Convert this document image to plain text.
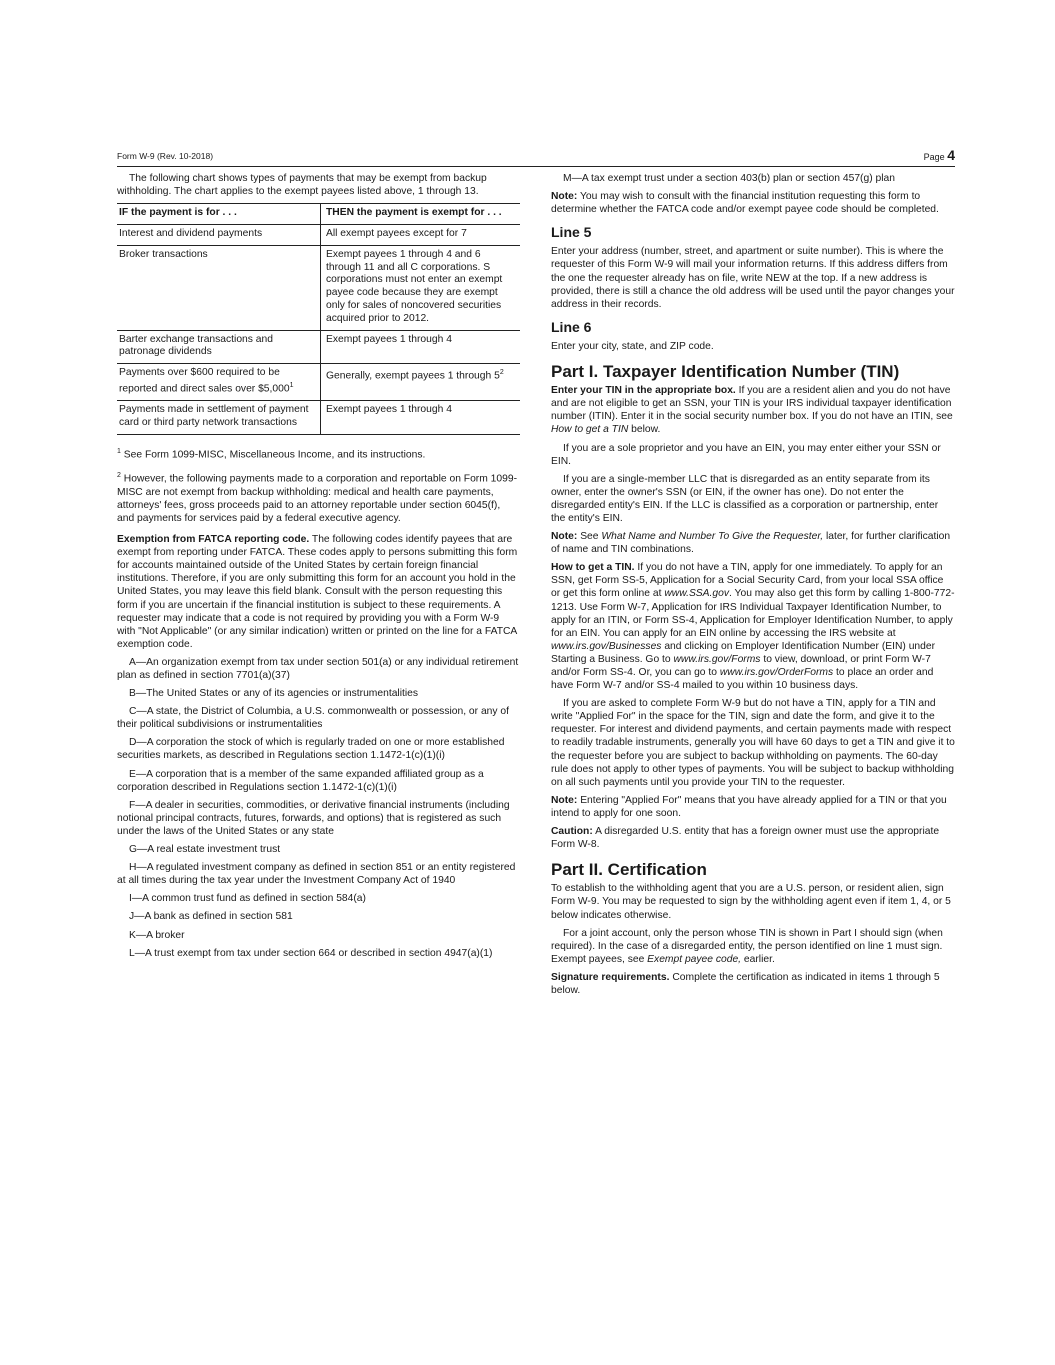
Form W-9 (Rev. 10-2018)	Page 4

The following chart shows types of payments that may be exempt from backup withholding. The chart applies to the exempt payees listed above, 1 through 13.

IF the payment is for . . .	THEN the payment is exempt for . . .
Interest and dividend payments	All exempt payees except for 7
Broker transactions	Exempt payees 1 through 4 and 6 through 11 and all C corporations. S corporations must not enter an exempt payee code because they are exempt only for sales of noncovered securities acquired prior to 2012.
Barter exchange transactions and patronage dividends	Exempt payees 1 through 4
Payments over $600 required to be reported and direct sales over $5,000$^1$	Generally, exempt payees 1 through $5^2$
Payments made in settlement of payment card or third party network transactions	Exempt payees 1 through 4

$^1$ See Form 1099-MISC, Miscellaneous Income, and its instructions.

$^2$ However, the following payments made to a corporation and reportable on Form 1099-MISC are not exempt from backup withholding: medical and health care payments, attorneys' fees, gross proceeds paid to an attorney reportable under section 6045(f), and payments for services paid by a federal executive agency.

Exemption from FATCA reporting code. The following codes identify payees that are exempt from reporting under FATCA. These codes apply to persons submitting this form for accounts maintained outside of the United States by certain foreign financial institutions. Therefore, if you are only submitting this form for an account you hold in the United States, you may leave this field blank. Consult with the person requesting this form if you are uncertain if the financial institution is subject to these requirements. A requester may indicate that a code is not required by providing you with a Form W-9 with "Not Applicable" (or any similar indication) written or printed on the line for a FATCA exemption code.

A—An organization exempt from tax under section 501(a) or any individual retirement plan as defined in section 7701(a)(37)

B—The United States or any of its agencies or instrumentalities

C—A state, the District of Columbia, a U.S. commonwealth or possession, or any of their political subdivisions or instrumentalities

D—A corporation the stock of which is regularly traded on one or more established securities markets, as described in Regulations section 1.1472-1(c)(1)(i)

E—A corporation that is a member of the same expanded affiliated group as a corporation described in Regulations section 1.1472-1(c)(1)(i)

F—A dealer in securities, commodities, or derivative financial instruments (including notional principal contracts, futures, forwards, and options) that is registered as such under the laws of the United States or any state

G—A real estate investment trust

H—A regulated investment company as defined in section 851 or an entity registered at all times during the tax year under the Investment Company Act of 1940

I—A common trust fund as defined in section 584(a)

J—A bank as defined in section 581

K—A broker

L—A trust exempt from tax under section 664 or described in section 4947(a)(1)

M—A tax exempt trust under a section 403(b) plan or section 457(g) plan

Note: You may wish to consult with the financial institution requesting this form to determine whether the FATCA code and/or exempt payee code should be completed.

Line 5

Enter your address (number, street, and apartment or suite number). This is where the requester of this Form W-9 will mail your information returns. If this address differs from the one the requester already has on file, write NEW at the top. If a new address is provided, there is still a chance the old address will be used until the payor changes your address in their records.

Line 6

Enter your city, state, and ZIP code.

Part I. Taxpayer Identification Number (TIN)

Enter your TIN in the appropriate box. If you are a resident alien and you do not have and are not eligible to get an SSN, your TIN is your IRS individual taxpayer identification number (ITIN). Enter it in the social security number box. If you do not have an ITIN, see How to get a TIN below.

If you are a sole proprietor and you have an EIN, you may enter either your SSN or EIN.

If you are a single-member LLC that is disregarded as an entity separate from its owner, enter the owner's SSN (or EIN, if the owner has one). Do not enter the disregarded entity's EIN. If the LLC is classified as a corporation or partnership, enter the entity's EIN.

Note: See What Name and Number To Give the Requester, later, for further clarification of name and TIN combinations.

How to get a TIN. If you do not have a TIN, apply for one immediately. To apply for an SSN, get Form SS-5, Application for a Social Security Card, from your local SSA office or get this form online at www.SSA.gov. You may also get this form by calling 1-800-772-1213. Use Form W-7, Application for IRS Individual Taxpayer Identification Number, to apply for an ITIN, or Form SS-4, Application for Employer Identification Number, to apply for an EIN. You can apply for an EIN online by accessing the IRS website at www.irs.gov/Businesses and clicking on Employer Identification Number (EIN) under Starting a Business. Go to www.irs.gov/Forms to view, download, or print Form W-7 and/or Form SS-4. Or, you can go to www.irs.gov/OrderForms to place an order and have Form W-7 and/or SS-4 mailed to you within 10 business days.

If you are asked to complete Form W-9 but do not have a TIN, apply for a TIN and write "Applied For" in the space for the TIN, sign and date the form, and give it to the requester. For interest and dividend payments, and certain payments made with respect to readily tradable instruments, generally you will have 60 days to get a TIN and give it to the requester before you are subject to backup withholding on payments. The 60-day rule does not apply to other types of payments. You will be subject to backup withholding on all such payments until you provide your TIN to the requester.

Note: Entering "Applied For" means that you have already applied for a TIN or that you intend to apply for one soon.

Caution: A disregarded U.S. entity that has a foreign owner must use the appropriate Form W-8.

Part II. Certification

To establish to the withholding agent that you are a U.S. person, or resident alien, sign Form W-9. You may be requested to sign by the withholding agent even if item 1, 4, or 5 below indicates otherwise.

For a joint account, only the person whose TIN is shown in Part I should sign (when required). In the case of a disregarded entity, the person identified on line 1 must sign. Exempt payees, see Exempt payee code, earlier.

Signature requirements. Complete the certification as indicated in items 1 through 5 below.
